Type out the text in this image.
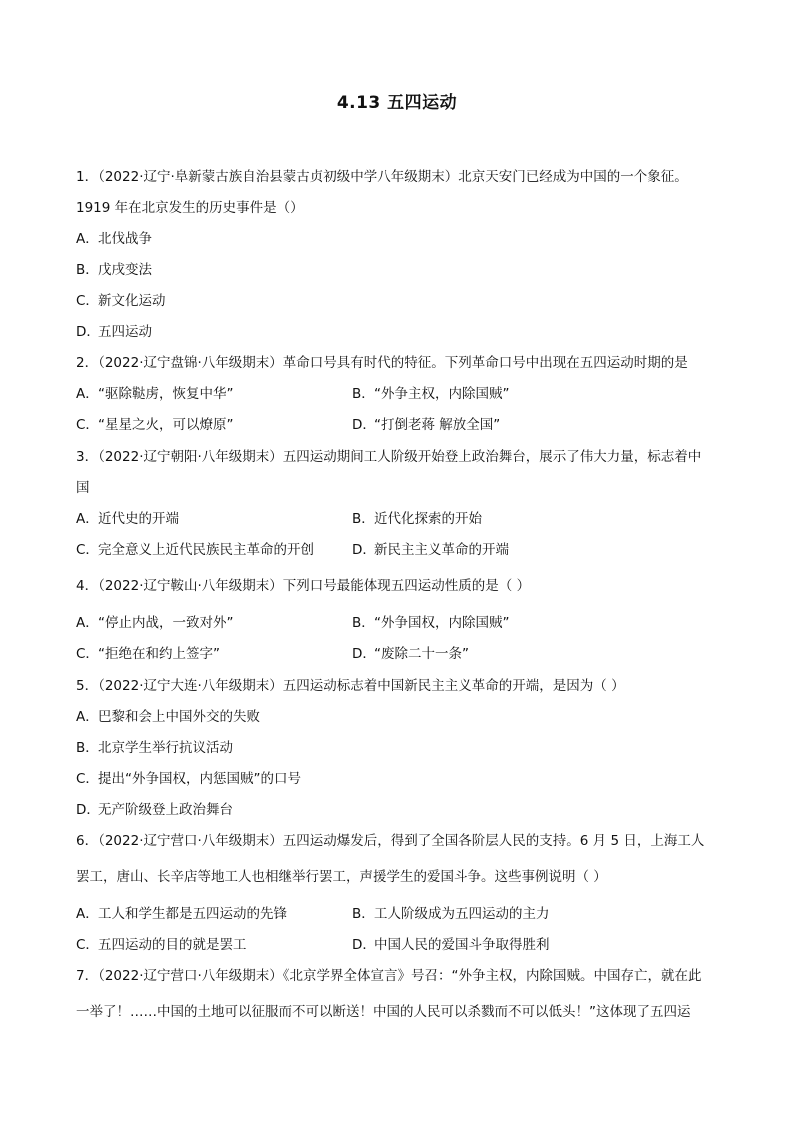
4.13 五四运动
1．（2022·辽宁·阜新蒙古族自治县蒙古贞初级中学八年级期末）北京天安门已经成为中国的一个象征。
1919 年在北京发生的历史事件是（）
A．北伐战争
B．戊戌变法
C．新文化运动
D．五四运动
2．（2022·辽宁盘锦·八年级期末）革命口号具有时代的特征。下列革命口号中出现在五四运动时期的是
A．“驱除鞑虏，恢复中华”	B．“外争主权，内除国贼”
C．“星星之火，可以燎原”	D．“打倒老蒋 解放全国”
3．（2022·辽宁朝阳·八年级期末）五四运动期间工人阶级开始登上政治舞台，展示了伟大力量，标志着中
国
A．近代史的开端	B．近代化探索的开始
C．完全意义上近代民族民主革命的开创	D．新民主主义革命的开端
4．（2022·辽宁鞍山·八年级期末）下列口号最能体现五四运动性质的是（ ）
A．“停止内战，一致对外”	B．“外争国权，内除国贼”
C．“拒绝在和约上签字”	D．“废除二十一条”
5．（2022·辽宁大连·八年级期末）五四运动标志着中国新民主主义革命的开端，是因为（ ）
A．巴黎和会上中国外交的失败
B．北京学生举行抗议活动
C．提出“外争国权，内惩国贼”的口号
D．无产阶级登上政治舞台
6．（2022·辽宁营口·八年级期末）五四运动爆发后，得到了全国各阶层人民的支持。6 月 5 日，上海工人
罢工，唐山、长辛店等地工人也相继举行罢工，声援学生的爱国斗争。这些事例说明（ ）
A．工人和学生都是五四运动的先锋	B．工人阶级成为五四运动的主力
C．五四运动的目的就是罢工	D．中国人民的爱国斗争取得胜利
7．（2022·辽宁营口·八年级期末）《北京学界全体宣言》号召：“外争主权，内除国贼。中国存亡，就在此
一举了！……中国的土地可以征服而不可以断送！中国的人民可以杀戮而不可以低头！”这体现了五四运
